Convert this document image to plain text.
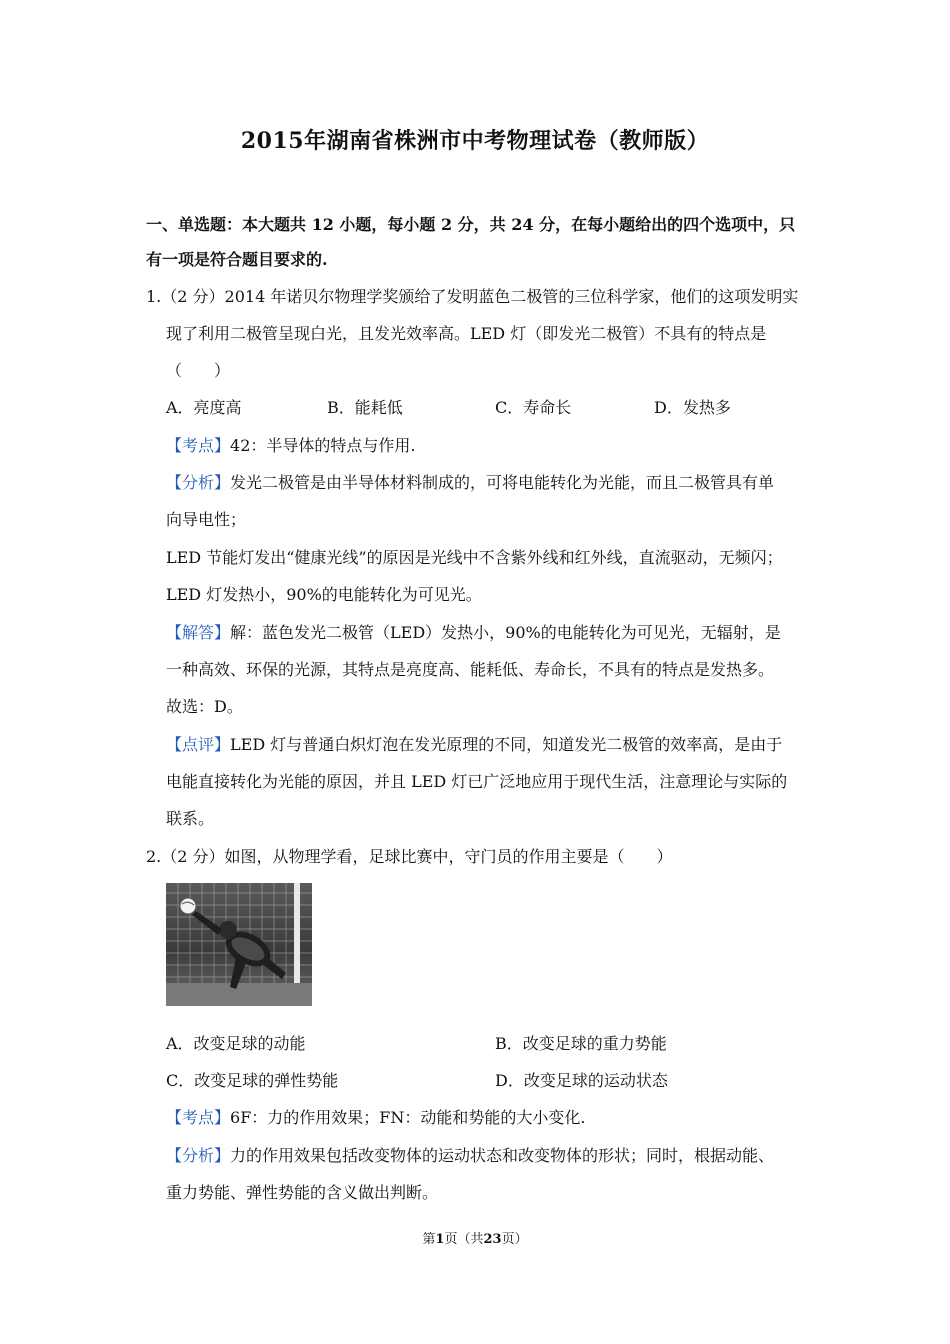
2015年湖南省株洲市中考物理试卷（教师版）
一、单选题：本大题共 12 小题，每小题 2 分，共 24 分，在每小题给出的四个选项中，只
有一项是符合题目要求的.
1.（2 分）2014 年诺贝尔物理学奖颁给了发明蓝色二极管的三位科学家，他们的这项发明实
现了利用二极管呈现白光，且发光效率高。LED 灯（即发光二极管）不具有的特点是
（　　）
A．亮度高	B．能耗低	C．寿命长	D．发热多
【考点】42：半导体的特点与作用.
【分析】发光二极管是由半导体材料制成的，可将电能转化为光能，而且二极管具有单
向导电性；
LED 节能灯发出“健康光线”的原因是光线中不含紫外线和红外线，直流驱动，无频闪；
LED 灯发热小，90%的电能转化为可见光。
【解答】解：蓝色发光二极管（LED）发热小，90%的电能转化为可见光，无辐射，是
一种高效、环保的光源，其特点是亮度高、能耗低、寿命长，不具有的特点是发热多。
故选：D。
【点评】LED 灯与普通白炽灯泡在发光原理的不同，知道发光二极管的效率高，是由于
电能直接转化为光能的原因，并且 LED 灯已广泛地应用于现代生活，注意理论与实际的
联系。
2.（2 分）如图，从物理学看，足球比赛中，守门员的作用主要是（　　）
A．改变足球的动能	B．改变足球的重力势能
C．改变足球的弹性势能	D．改变足球的运动状态
【考点】6F：力的作用效果；FN：动能和势能的大小变化.
【分析】力的作用效果包括改变物体的运动状态和改变物体的形状；同时，根据动能、
重力势能、弹性势能的含义做出判断。
第1页（共23页）
